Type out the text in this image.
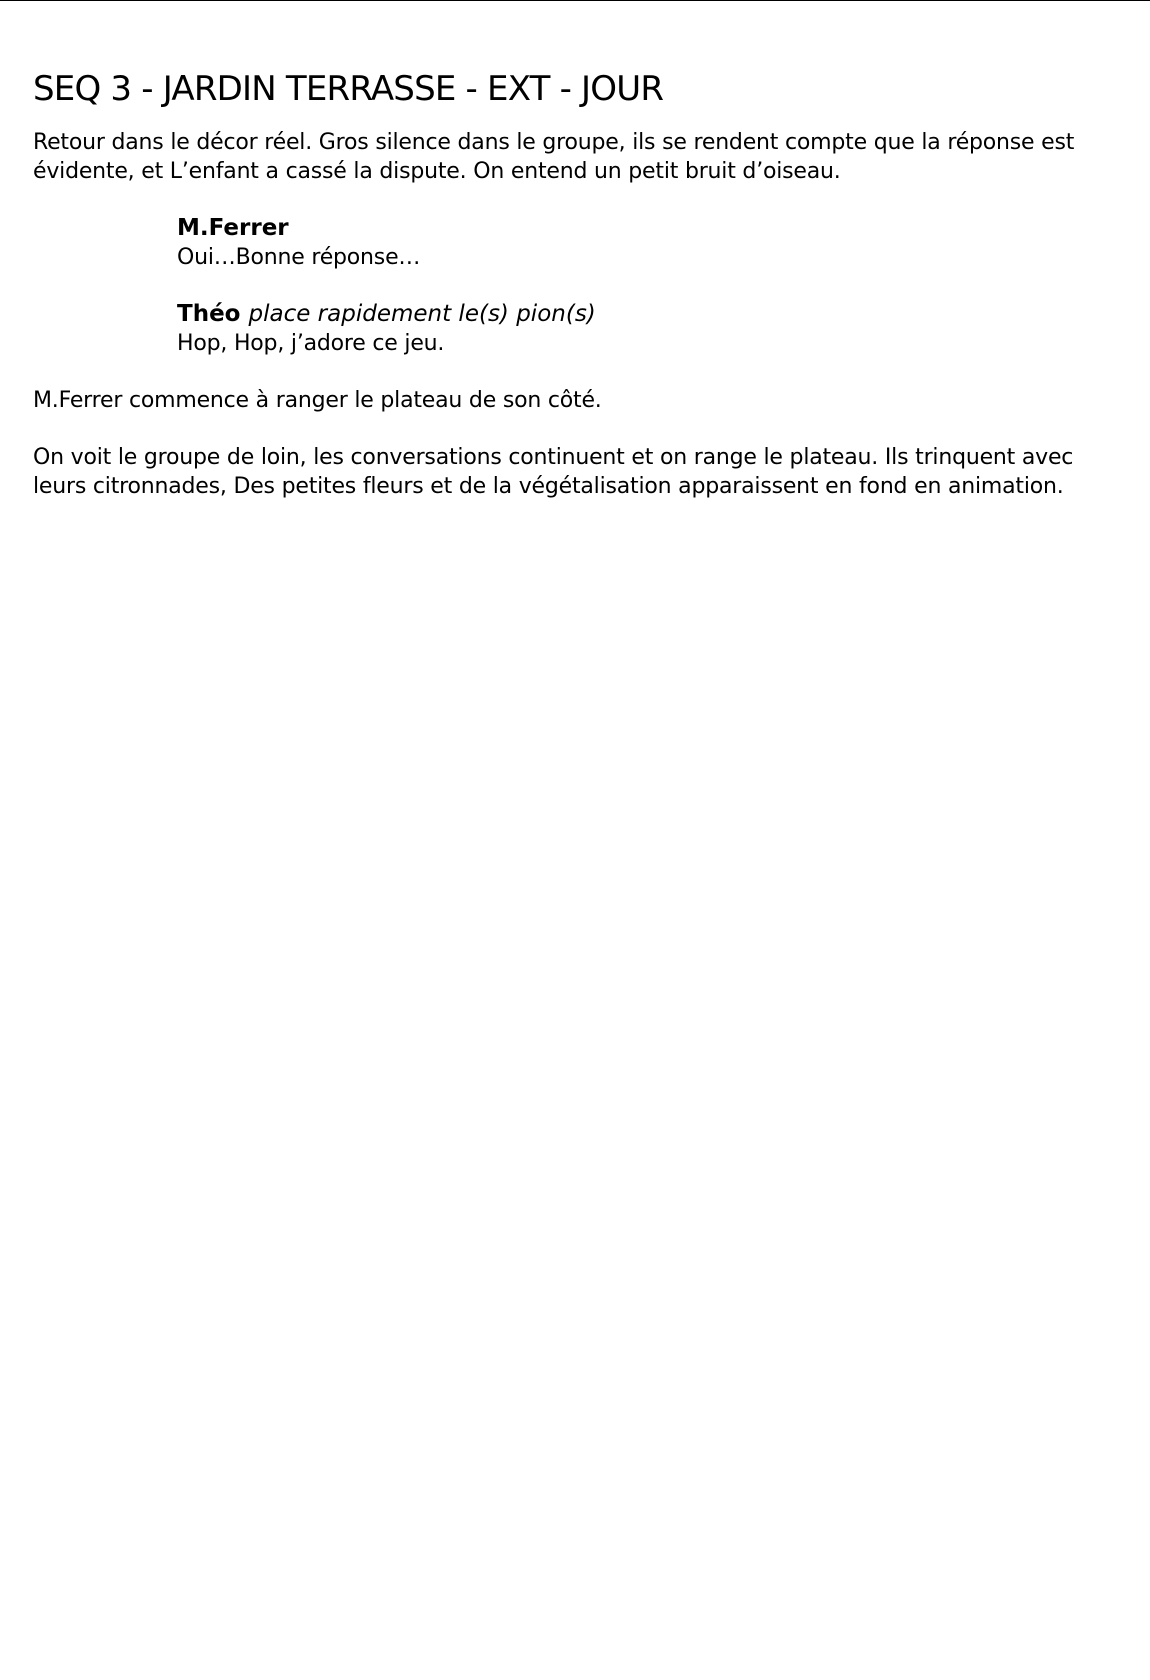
SEQ 3 - JARDIN TERRASSE - EXT - JOUR

Retour dans le décor réel. Gros silence dans le groupe, ils se rendent compte que la réponse est
évidente, et L’enfant a cassé la dispute. On entend un petit bruit d’oiseau.

M.Ferrer
Oui…Bonne réponse…
Théo place rapidement le(s) pion(s)
Hop, Hop, j’adore ce jeu.

M.Ferrer commence à ranger le plateau de son côté.

On voit le groupe de loin, les conversations continuent et on range le plateau. Ils trinquent avec
leurs citronnades, Des petites fleurs et de la végétalisation apparaissent en fond en animation.
